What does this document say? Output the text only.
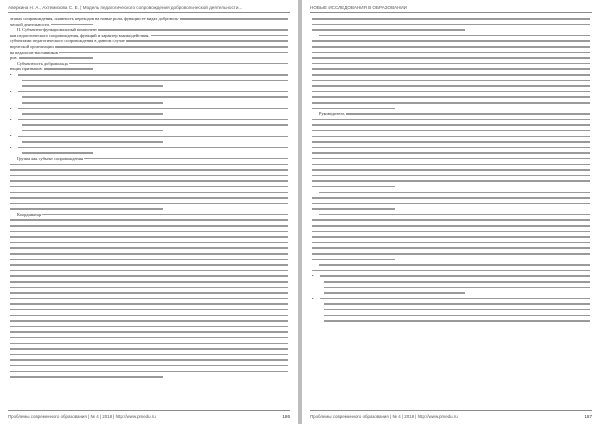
Аверкина Н. А., Ахтемизова С. Е. | Модель педагогического сопровождения добровольческой деятельности...
этапах сопровождения, планность переходов на новые роли, функции ее видах доброволь-
ческой деятельности.
II. Субъектно-функциональный компонент
ков педагогического сопровождения, функций и характер взаимодействия.
субъектами педагогического сопровождения в данном случае
ворческой организации
ва педагогов-наставников
ров.
Субъектность добровольца
ющих признаков:
•
•
•
•
•
•
Группа как субъект сопровождения
Координатор
Проблемы современного образования | № 4 | 2018 | http://www.pmedu.ru	186
НОВЫЕ ИССЛЕДОВАНИЯ В ОБРАЗОВАНИИ
Руководитель
•
•
Проблемы современного образования | № 4 | 2018 | http://www.pmedu.ru	187
